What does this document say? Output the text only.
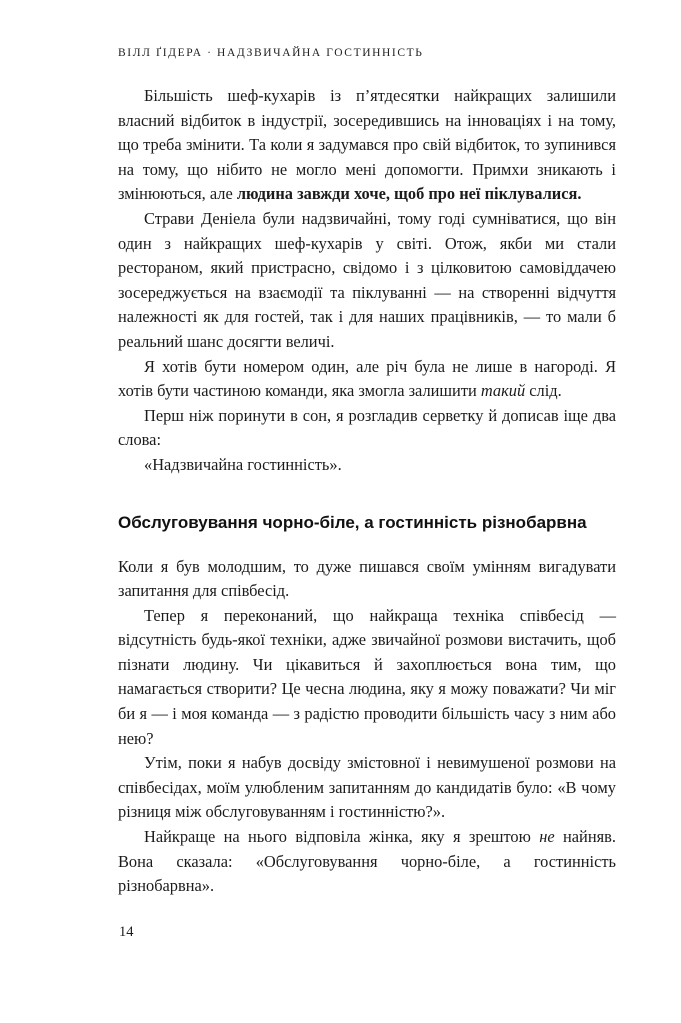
ВІЛЛ ҐІДЕРА · НАДЗВИЧАЙНА ГОСТИННІСТЬ

Більшість шеф-кухарів із п’ятдесятки найкращих залишили власний відбиток в індустрії, зосередившись на інноваціях і на тому, що треба змінити. Та коли я задумався про свій відбиток, то зупинився на тому, що нібито не могло мені допомогти. Примхи зникають і змінюються, але людина завжди хоче, щоб про неї піклувалися.

Страви Деніела були надзвичайні, тому годі сумніватися, що він один з найкращих шеф-кухарів у світі. Отож, якби ми стали рестораном, який пристрасно, свідомо і з цілковитою самовіддачею зосереджується на взаємодії та піклуванні — на створенні відчуття належності як для гостей, так і для наших працівників, — то мали б реальний шанс досягти величі.

Я хотів бути номером один, але річ була не лише в нагороді. Я хотів бути частиною команди, яка змогла залишити такий слід.

Перш ніж поринути в сон, я розгладив серветку й дописав іще два слова:

«Надзвичайна гостинність».

Обслуговування чорно-біле, а гостинність різнобарвна

Коли я був молодшим, то дуже пишався своїм умінням вигадувати запитання для співбесід.

Тепер я переконаний, що найкраща техніка співбесід — відсутність будь-якої техніки, адже звичайної розмови вистачить, щоб пізнати людину. Чи цікавиться й захоплюється вона тим, що намагається створити? Це чесна людина, яку я можу поважати? Чи міг би я — і моя команда — з радістю проводити більшість часу з ним або нею?

Утім, поки я набув досвіду змістовної і невимушеної розмови на співбесідах, моїм улюбленим запитанням до кандидатів було: «В чому різниця між обслуговуванням і гостинністю?».

Найкраще на нього відповіла жінка, яку я зрештою не найняв. Вона сказала: «Обслуговування чорно-біле, а гостинність різнобарвна».

14
